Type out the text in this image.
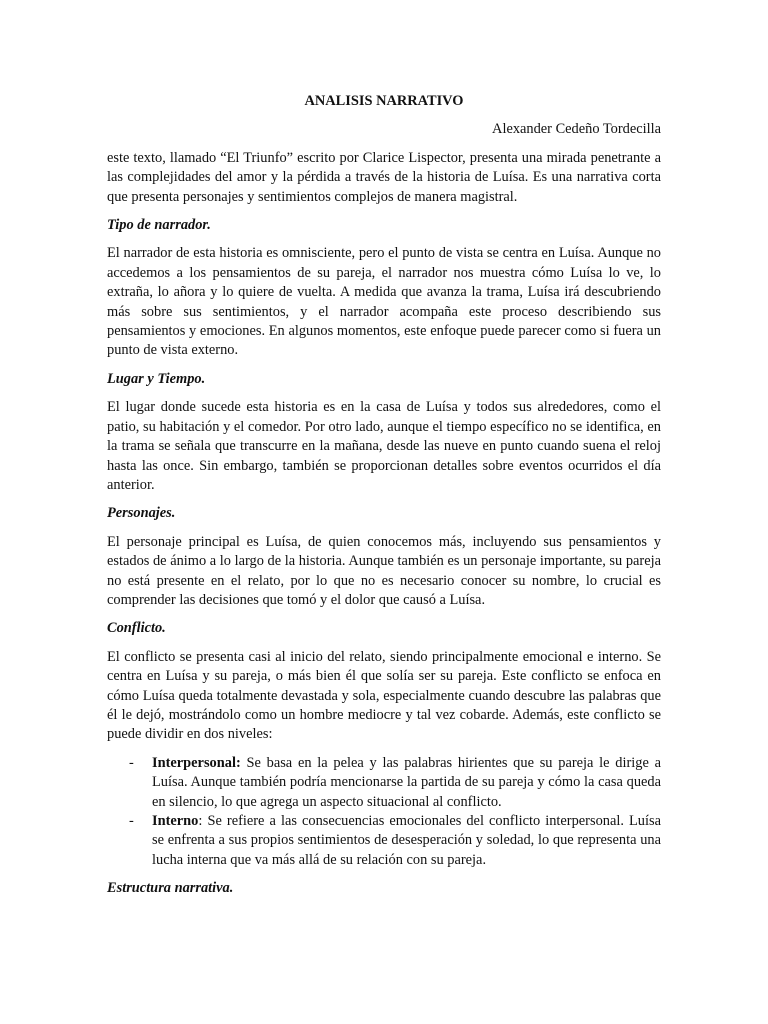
ANALISIS NARRATIVO
Alexander Cedeño Tordecilla

este texto, llamado “El Triunfo” escrito por Clarice Lispector, presenta una mirada penetrante a las complejidades del amor y la pérdida a través de la historia de Luísa. Es una narrativa corta que presenta personajes y sentimientos complejos de manera magistral.

Tipo de narrador.

El narrador de esta historia es omnisciente, pero el punto de vista se centra en Luísa. Aunque no accedemos a los pensamientos de su pareja, el narrador nos muestra cómo Luísa lo ve, lo extraña, lo añora y lo quiere de vuelta. A medida que avanza la trama, Luísa irá descubriendo más sobre sus sentimientos, y el narrador acompaña este proceso describiendo sus pensamientos y emociones. En algunos momentos, este enfoque puede parecer como si fuera un punto de vista externo.

Lugar y Tiempo.

El lugar donde sucede esta historia es en la casa de Luísa y todos sus alrededores, como el patio, su habitación y el comedor. Por otro lado, aunque el tiempo específico no se identifica, en la trama se señala que transcurre en la mañana, desde las nueve en punto cuando suena el reloj hasta las once. Sin embargo, también se proporcionan detalles sobre eventos ocurridos el día anterior.

Personajes.

El personaje principal es Luísa, de quien conocemos más, incluyendo sus pensamientos y estados de ánimo a lo largo de la historia. Aunque también es un personaje importante, su pareja no está presente en el relato, por lo que no es necesario conocer su nombre, lo crucial es comprender las decisiones que tomó y el dolor que causó a Luísa.

Conflicto.

El conflicto se presenta casi al inicio del relato, siendo principalmente emocional e interno. Se centra en Luísa y su pareja, o más bien él que solía ser su pareja. Este conflicto se enfoca en cómo Luísa queda totalmente devastada y sola, especialmente cuando descubre las palabras que él le dejó, mostrándolo como un hombre mediocre y tal vez cobarde. Además, este conflicto se puede dividir en dos niveles:

- Interpersonal: Se basa en la pelea y las palabras hirientes que su pareja le dirige a Luísa. Aunque también podría mencionarse la partida de su pareja y cómo la casa queda en silencio, lo que agrega un aspecto situacional al conflicto.
- Interno: Se refiere a las consecuencias emocionales del conflicto interpersonal. Luísa se enfrenta a sus propios sentimientos de desesperación y soledad, lo que representa una lucha interna que va más allá de su relación con su pareja.
Estructura narrativa.
